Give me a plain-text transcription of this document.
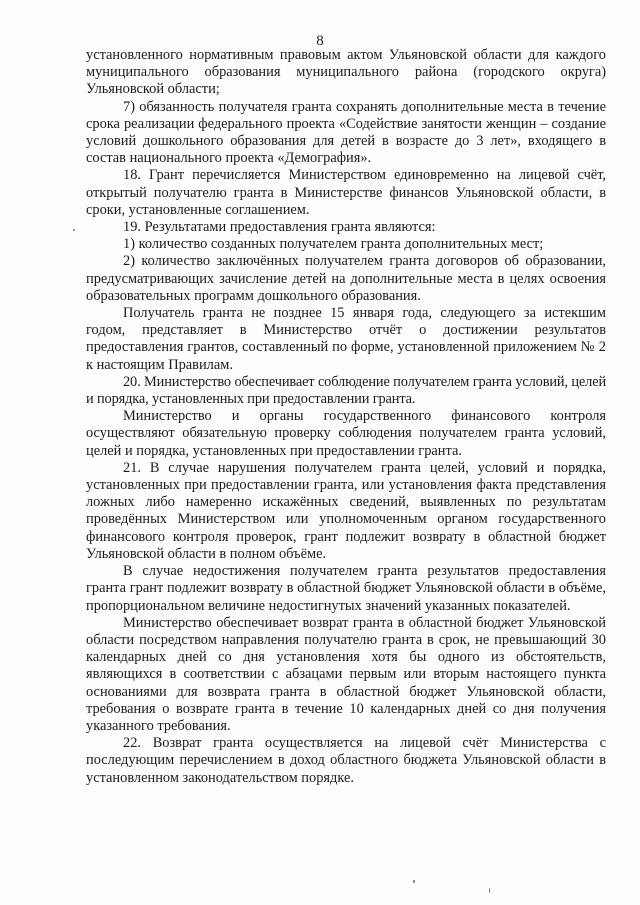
8

установленного нормативным правовым актом Ульяновской области для каждого муниципального образования муниципального района (городского округа) Ульяновской области;

7) обязанность получателя гранта сохранять дополнительные места в течение срока реализации федерального проекта «Содействие занятости женщин – создание условий дошкольного образования для детей в возрасте до 3 лет», входящего в состав национального проекта «Демография».

18. Грант перечисляется Министерством единовременно на лицевой счёт, открытый получателю гранта в Министерстве финансов Ульяновской области, в сроки, установленные соглашением.

19. Результатами предоставления гранта являются:

1) количество созданных получателем гранта дополнительных мест;

2) количество заключённых получателем гранта договоров об образовании, предусматривающих зачисление детей на дополнительные места в целях освоения образовательных программ дошкольного образования.

Получатель гранта не позднее 15 января года, следующего за истекшим годом, представляет в Министерство отчёт о достижении результатов предоставления грантов, составленный по форме, установленной приложением № 2 к настоящим Правилам.

20. Министерство обеспечивает соблюдение получателем гранта условий, целей и порядка, установленных при предоставлении гранта.

Министерство и органы государственного финансового контроля осуществляют обязательную проверку соблюдения получателем гранта условий, целей и порядка, установленных при предоставлении гранта.

21. В случае нарушения получателем гранта целей, условий и порядка, установленных при предоставлении гранта, или установления факта представления ложных либо намеренно искажённых сведений, выявленных по результатам проведённых Министерством или уполномоченным органом государственного финансового контроля проверок, грант подлежит возврату в областной бюджет Ульяновской области в полном объёме.

В случае недостижения получателем гранта результатов предоставления гранта грант подлежит возврату в областной бюджет Ульяновской области в объёме, пропорциональном величине недостигнутых значений указанных показателей.

Министерство обеспечивает возврат гранта в областной бюджет Ульяновской области посредством направления получателю гранта в срок, не превышающий 30 календарных дней со дня установления хотя бы одного из обстоятельств, являющихся в соответствии с абзацами первым или вторым настоящего пункта основаниями для возврата гранта в областной бюджет Ульяновской области, требования о возврате гранта в течение 10 календарных дней со дня получения указанного требования.

22. Возврат гранта осуществляется на лицевой счёт Министерства с последующим перечислением в доход областного бюджета Ульяновской области в установленном законодательством порядке.
